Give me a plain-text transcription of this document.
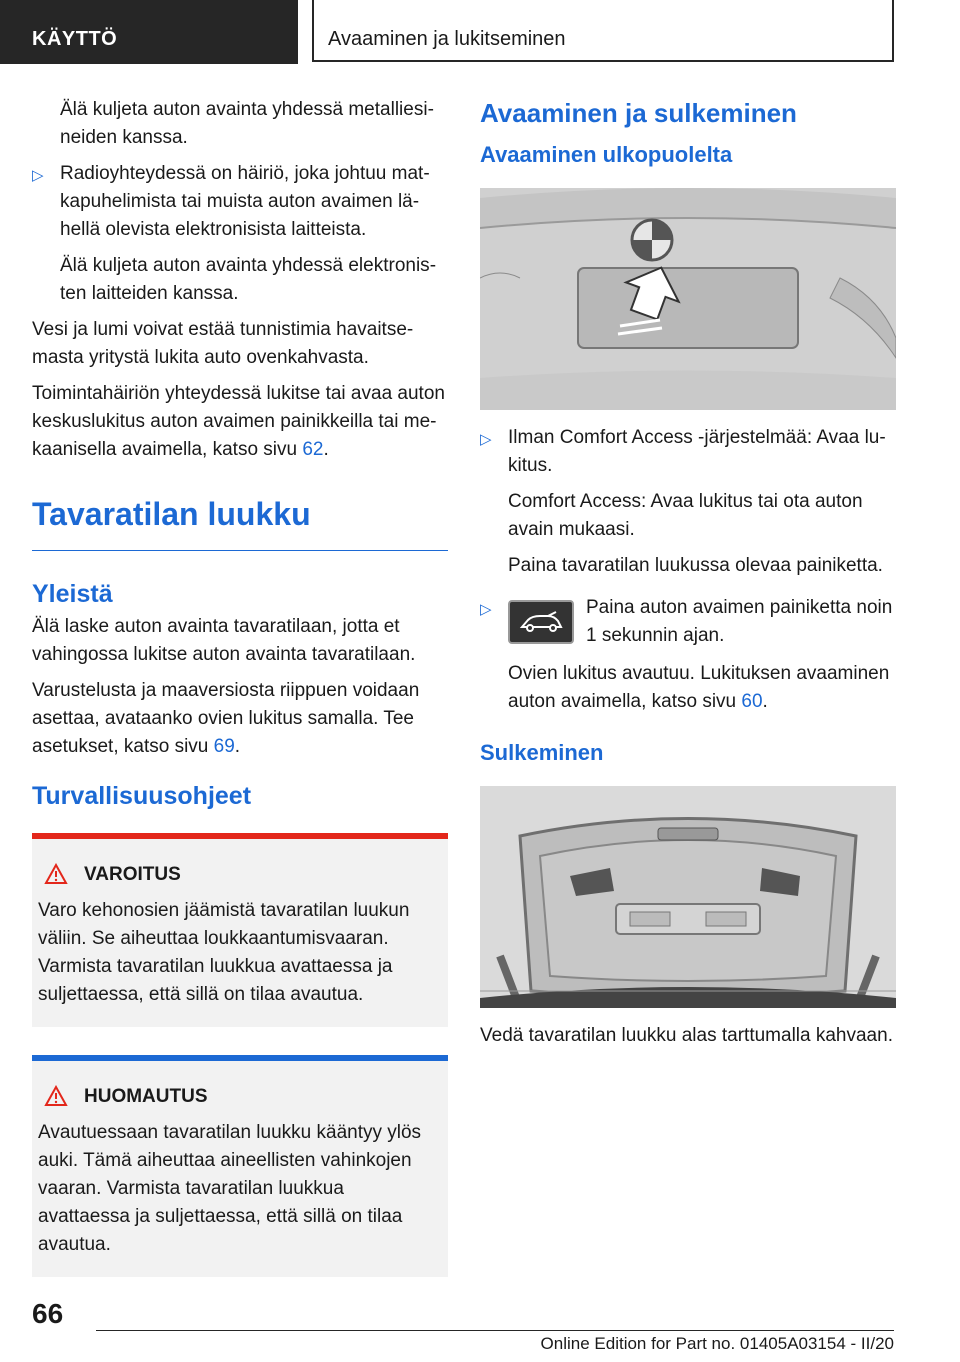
KÄYTTÖ	Avaaminen ja lukitseminen

Älä kuljeta auton avainta yhdessä metalliesineiden kanssa.

▷ Radioyhteydessä on häiriö, joka johtuu matkapuhelimista tai muista auton avaimen lähellä olevista elektronisista laitteista.

Älä kuljeta auton avainta yhdessä elektronisten laitteiden kanssa.

Vesi ja lumi voivat estää tunnistimia havaitsemasta yritystä lukita auto ovenkahvasta.

Toimintahäiriön yhteydessä lukitse tai avaa auton keskuslukitus auton avaimen painikkeilla tai mekaanisella avaimella, katso sivu 62.

Tavaratilan luukku
Yleistä

Älä laske auton avainta tavaratilaan, jotta et vahingossa lukitse auton avainta tavaratilaan.

Varustelusta ja maaversiosta riippuen voidaan asettaa, avataanko ovien lukitus samalla. Tee asetukset, katso sivu 69.

Turvallisuusohjeet
VAROITUS

Varo kehonosien jäämistä tavaratilan luukun väliin. Se aiheuttaa loukkaantumisvaaran. Varmista tavaratilan luukkua avattaessa ja suljettaessa, että sillä on tilaa avautua.

HUOMAUTUS

Avautuessaan tavaratilan luukku kääntyy ylös auki. Tämä aiheuttaa aineellisten vahinkojen vaaran. Varmista tavaratilan luukkua avattaessa ja suljettaessa, että sillä on tilaa avautua.

Avaaminen ja sulkeminen
Avaaminen ulkopuolelta
▷ Ilman Comfort Access -järjestelmää: Avaa lukitus.

Comfort Access: Avaa lukitus tai ota auton avain mukaasi.

Paina tavaratilan luukussa olevaa painiketta.

▷	Paina auton avaimen painiketta noin 1 sekunnin ajan.

Ovien lukitus avautuu. Lukituksen avaaminen auton avaimella, katso sivu 60.

Sulkeminen

Vedä tavaratilan luukku alas tarttumalla kahvaan.

66
Online Edition for Part no. 01405A03154 - II/20
